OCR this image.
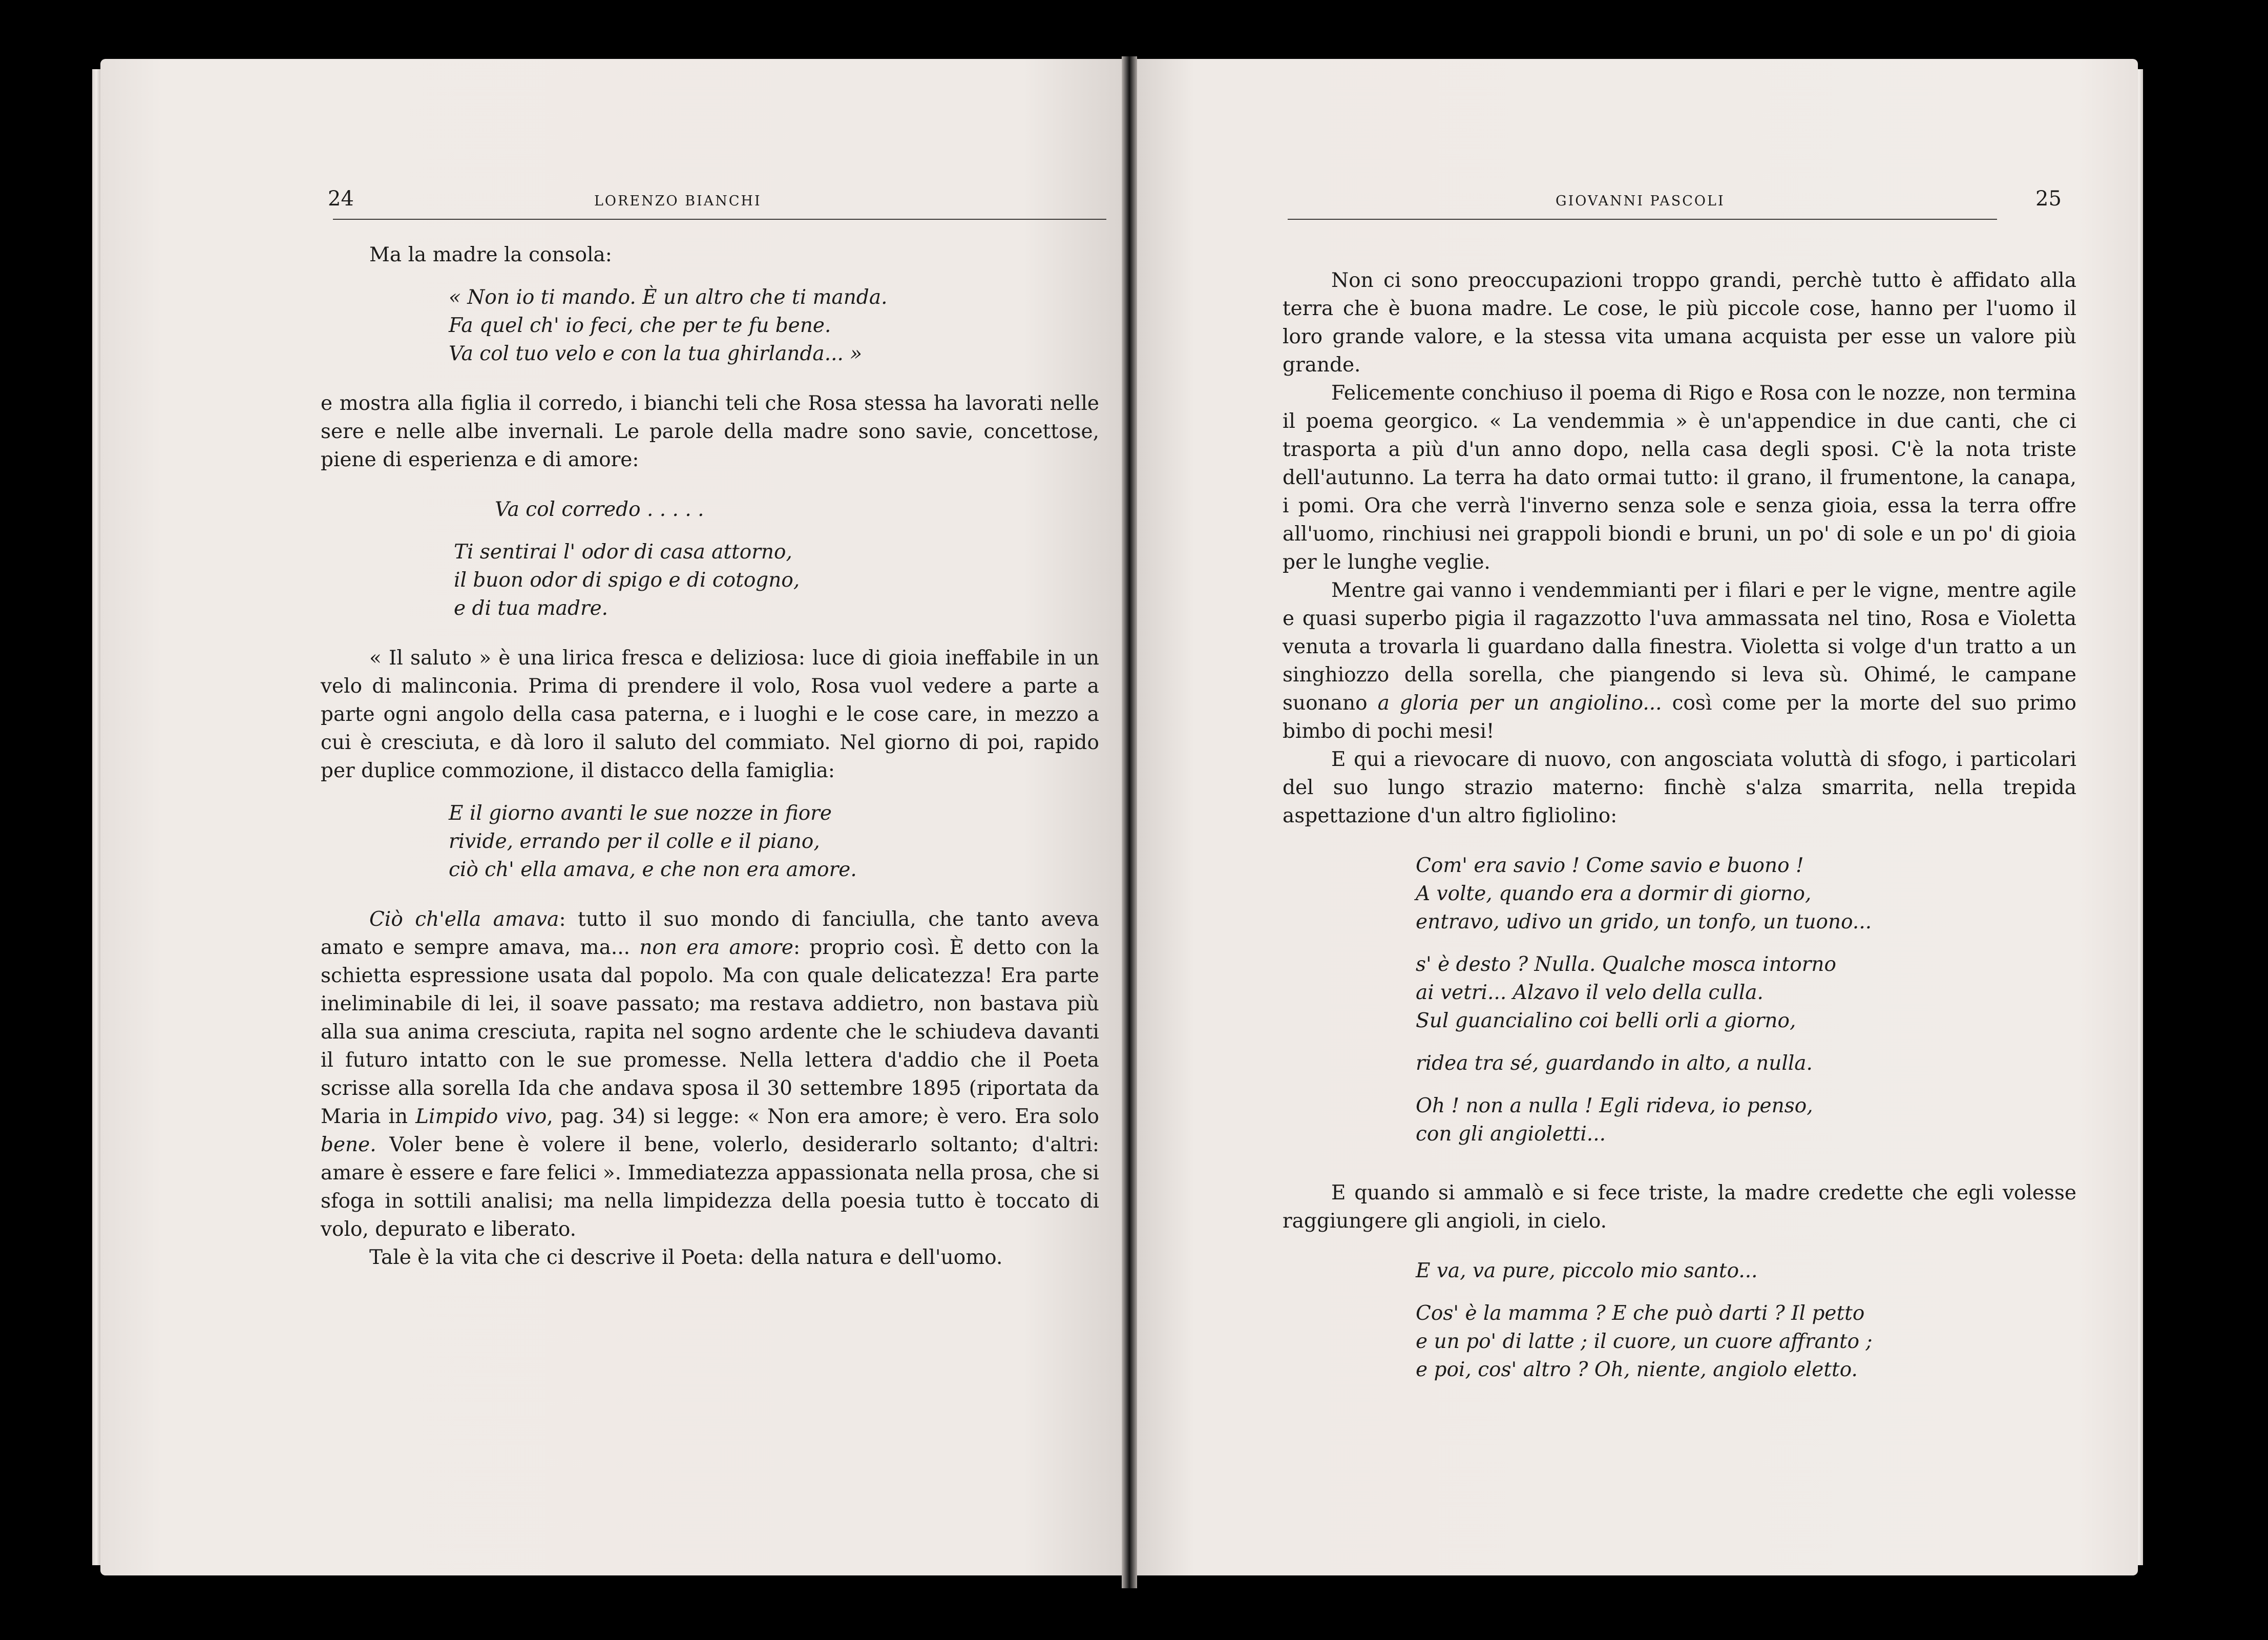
24	LORENZO BIANCHI

Ma la madre la consola:

« Non io ti mando. È un altro che ti manda.

Fa quel ch' io feci, che per te fu bene.

Va col tuo velo e con la tua ghirlanda... »

e mostra alla figlia il corredo, i bianchi teli che Rosa stessa ha lavorati nelle sere e nelle albe invernali. Le parole della madre sono savie, concettose, piene di esperienza e di amore:

Va col corredo . . . . .

Ti sentirai l' odor di casa attorno,

il buon odor di spigo e di cotogno,

e di tua madre.

« Il saluto » è una lirica fresca e deliziosa: luce di gioia ineffabile in un velo di malinconia. Prima di prendere il volo, Rosa vuol vedere a parte a parte ogni angolo della casa paterna, e i luoghi e le cose care, in mezzo a cui è cresciuta, e dà loro il saluto del commiato. Nel giorno di poi, rapido per duplice commozione, il distacco della famiglia:

E il giorno avanti le sue nozze in fiore

rivide, errando per il colle e il piano,

ciò ch' ella amava, e che non era amore.

Ciò ch'ella amava: tutto il suo mondo di fanciulla, che tanto aveva amato e sempre amava, ma... non era amore: proprio così. È detto con la schietta espressione usata dal popolo. Ma con quale delicatezza! Era parte ineliminabile di lei, il soave passato; ma restava addietro, non bastava più alla sua anima cresciuta, rapita nel sogno ardente che le schiudeva davanti il futuro intatto con le sue promesse. Nella lettera d'addio che il Poeta scrisse alla sorella Ida che andava sposa il 30 settembre 1895 (riportata da Maria in Limpido vivo, pag. 34) si legge: « Non era amore; è vero. Era solo bene. Voler bene è volere il bene, volerlo, desiderarlo soltanto; d'altri: amare è essere e fare felici ». Immediatezza appassionata nella prosa, che si sfoga in sottili analisi; ma nella limpidezza della poesia tutto è toccato di volo, depurato e liberato.

Tale è la vita che ci descrive il Poeta: della natura e dell'uomo.

GIOVANNI PASCOLI	25

Non ci sono preoccupazioni troppo grandi, perchè tutto è affidato alla terra che è buona madre. Le cose, le più piccole cose, hanno per l'uomo il loro grande valore, e la stessa vita umana acquista per esse un valore più grande.

Felicemente conchiuso il poema di Rigo e Rosa con le nozze, non termina il poema georgico. « La vendemmia » è un'appendice in due canti, che ci trasporta a più d'un anno dopo, nella casa degli sposi. C'è la nota triste dell'autunno. La terra ha dato ormai tutto: il grano, il frumentone, la canapa, i pomi. Ora che verrà l'inverno senza sole e senza gioia, essa la terra offre all'uomo, rinchiusi nei grappoli biondi e bruni, un po' di sole e un po' di gioia per le lunghe veglie.

Mentre gai vanno i vendemmianti per i filari e per le vigne, mentre agile e quasi superbo pigia il ragazzotto l'uva ammassata nel tino, Rosa e Violetta venuta a trovarla li guardano dalla finestra. Violetta si volge d'un tratto a un singhiozzo della sorella, che piangendo si leva sù. Ohimé, le campane suonano a gloria per un angiolino... così come per la morte del suo primo bimbo di pochi mesi!

E qui a rievocare di nuovo, con angosciata voluttà di sfogo, i particolari del suo lungo strazio materno: finchè s'alza smarrita, nella trepida aspettazione d'un altro figliolino:

Com' era savio ! Come savio e buono !

A volte, quando era a dormir di giorno,

entravo, udivo un grido, un tonfo, un tuono...

s' è desto ? Nulla. Qualche mosca intorno

ai vetri... Alzavo il velo della culla.

Sul guancialino coi belli orli a giorno,

ridea tra sé, guardando in alto, a nulla.

Oh ! non a nulla ! Egli rideva, io penso,

con gli angioletti...

E quando si ammalò e si fece triste, la madre credette che egli volesse raggiungere gli angioli, in cielo.

E va, va pure, piccolo mio santo...

Cos' è la mamma ? E che può darti ? Il petto

e un po' di latte ; il cuore, un cuore affranto ;

e poi, cos' altro ? Oh, niente, angiolo eletto.
